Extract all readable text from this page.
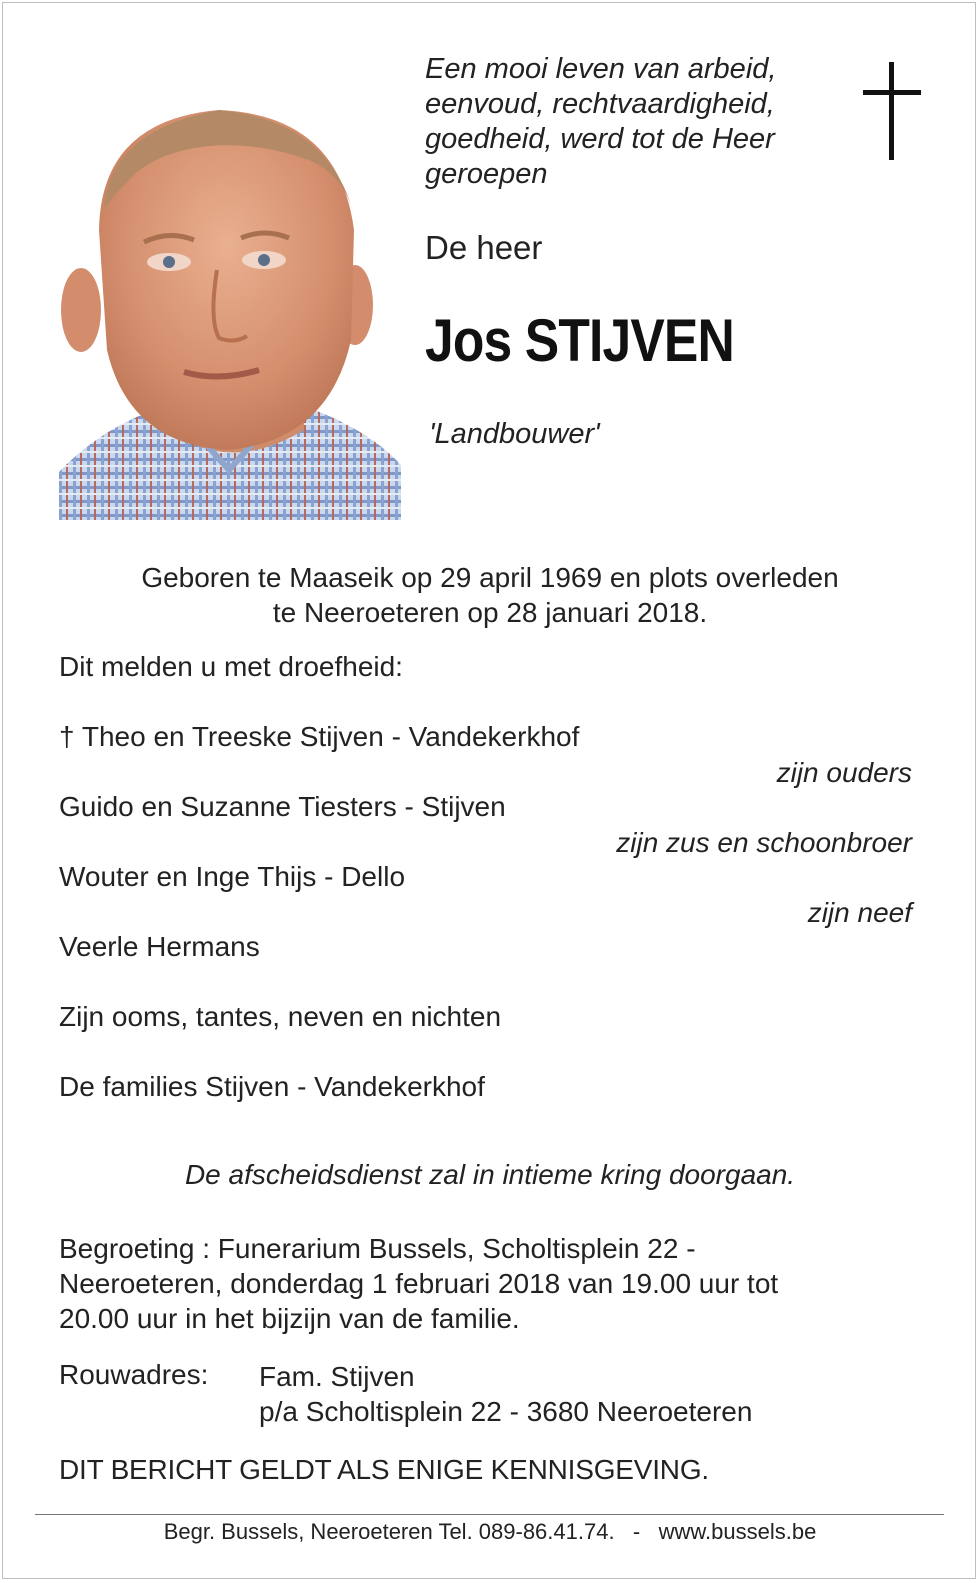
Een mooi leven van arbeid,
eenvoud, rechtvaardigheid,
goedheid, werd tot de Heer
geroepen
De heer
Jos STIJVEN
'Landbouwer'
Geboren te Maaseik op 29 april 1969 en plots overleden
te Neeroeteren op 28 januari 2018.
Dit melden u met droefheid:
† Theo en Treeske Stijven - Vandekerkhof
zijn ouders
Guido en Suzanne Tiesters - Stijven
zijn zus en schoonbroer
Wouter en Inge Thijs - Dello
zijn neef
Veerle Hermans
Zijn ooms, tantes, neven en nichten
De families Stijven - Vandekerkhof
De afscheidsdienst zal in intieme kring doorgaan.
Begroeting : Funerarium Bussels, Scholtisplein 22 -
Neeroeteren, donderdag 1 februari 2018 van 19.00 uur tot
20.00 uur in het bijzijn van de familie.
Rouwadres: Fam. Stijven
p/a Scholtisplein 22 - 3680 Neeroeteren
DIT BERICHT GELDT ALS ENIGE KENNISGEVING.
Begr. Bussels, Neeroeteren Tel. 089-86.41.74.   -   www.bussels.be
